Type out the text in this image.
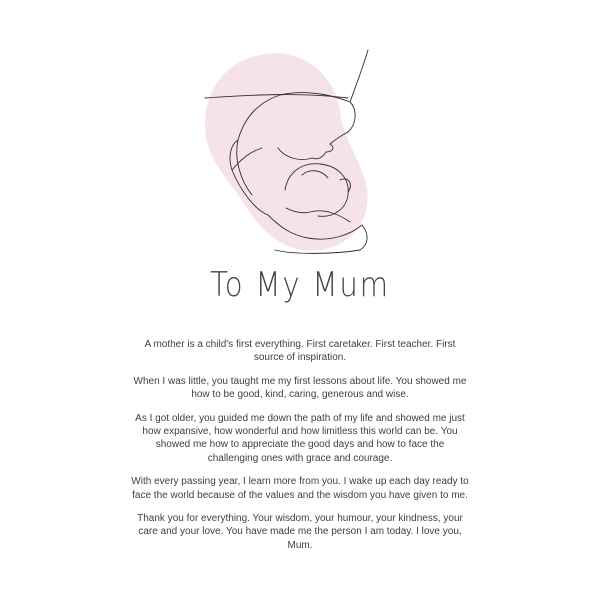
To My Mum

A mother is a child's first everything. First caretaker. First teacher. First source of inspiration.

When I was little, you taught me my first lessons about life. You showed me how to be good, kind, caring, generous and wise.

As I got older, you guided me down the path of my life and showed me just how expansive, how wonderful and how limitless this world can be. You showed me how to appreciate the good days and how to face the challenging ones with grace and courage.

With every passing year, I learn more from you. I wake up each day ready to face the world because of the values and the wisdom you have given to me.

Thank you for everything. Your wisdom, your humour, your kindness, your care and your love. You have made me the person I am today. I love you, Mum.
